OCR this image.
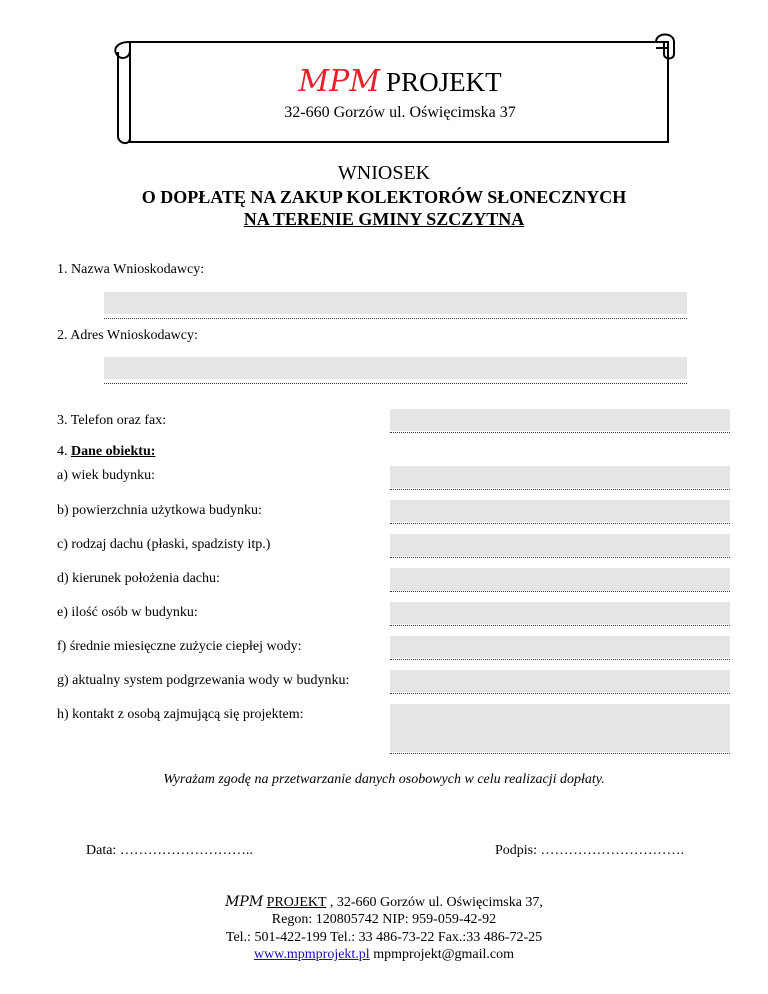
MPM PROJEKT
32-660 Gorzów ul. Oświęcimska 37
WNIOSEK
O DOPŁATĘ NA ZAKUP KOLEKTORÓW SŁONECZNYCH
NA TERENIE GMINY SZCZYTNA
1. Nazwa Wnioskodawcy:
2. Adres Wnioskodawcy:
3. Telefon oraz fax:
4. Dane obiektu:
a) wiek budynku:
b) powierzchnia użytkowa budynku:
c) rodzaj dachu (płaski, spadzisty itp.)
d) kierunek położenia dachu:
e) ilość osób w budynku:
f) średnie miesięczne zużycie ciepłej wody:
g) aktualny system podgrzewania wody w budynku:
h) kontakt z osobą zajmującą się projektem:
Wyrażam zgodę na przetwarzanie danych osobowych w celu realizacji dopłaty.
Data: ………………………..	Podpis: ………………………….
MPM PROJEKT , 32-660 Gorzów ul. Oświęcimska 37,
Regon: 120805742 NIP: 959-059-42-92
Tel.: 501-422-199 Tel.: 33 486-73-22 Fax.:33 486-72-25
www.mpmprojekt.pl mpmprojekt@gmail.com
